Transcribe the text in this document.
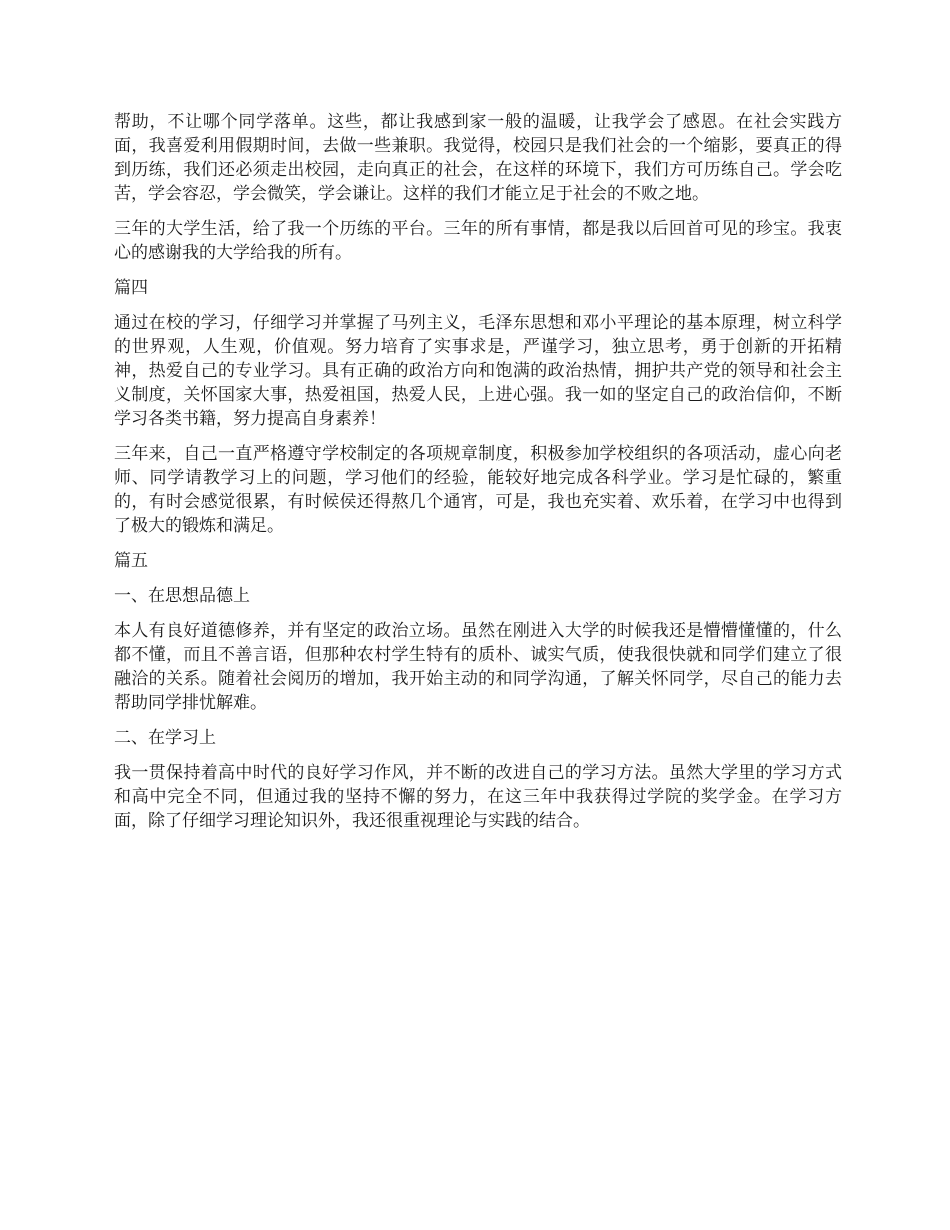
帮助，不让哪个同学落单。这些，都让我感到家一般的温暖，让我学会了感恩。在社会实践方面，我喜爱利用假期时间，去做一些兼职。我觉得，校园只是我们社会的一个缩影，要真正的得到历练，我们还必须走出校园，走向真正的社会，在这样的环境下，我们方可历练自己。学会吃苦，学会容忍，学会微笑，学会谦让。这样的我们才能立足于社会的不败之地。

三年的大学生活，给了我一个历练的平台。三年的所有事情，都是我以后回首可见的珍宝。我衷心的感谢我的大学给我的所有。

篇四

通过在校的学习，仔细学习并掌握了马列主义，毛泽东思想和邓小平理论的基本原理，树立科学的世界观，人生观，价值观。努力培育了实事求是，严谨学习，独立思考，勇于创新的开拓精神，热爱自己的专业学习。具有正确的政治方向和饱满的政治热情，拥护共产党的领导和社会主义制度，关怀国家大事，热爱祖国，热爱人民，上进心强。我一如的坚定自己的政治信仰，不断学习各类书籍，努力提高自身素养！

三年来，自己一直严格遵守学校制定的各项规章制度，积极参加学校组织的各项活动，虚心向老师、同学请教学习上的问题，学习他们的经验，能较好地完成各科学业。学习是忙碌的，繁重的，有时会感觉很累，有时候侯还得熬几个通宵，可是，我也充实着、欢乐着，在学习中也得到了极大的锻炼和满足。

篇五

一、在思想品德上

本人有良好道德修养，并有坚定的政治立场。虽然在刚进入大学的时候我还是懵懵懂懂的，什么都不懂，而且不善言语，但那种农村学生特有的质朴、诚实气质，使我很快就和同学们建立了很融洽的关系。随着社会阅历的增加，我开始主动的和同学沟通，了解关怀同学，尽自己的能力去帮助同学排忧解难。

二、在学习上

我一贯保持着高中时代的良好学习作风，并不断的改进自己的学习方法。虽然大学里的学习方式和高中完全不同，但通过我的坚持不懈的努力，在这三年中我获得过学院的奖学金。在学习方面，除了仔细学习理论知识外，我还很重视理论与实践的结合。
